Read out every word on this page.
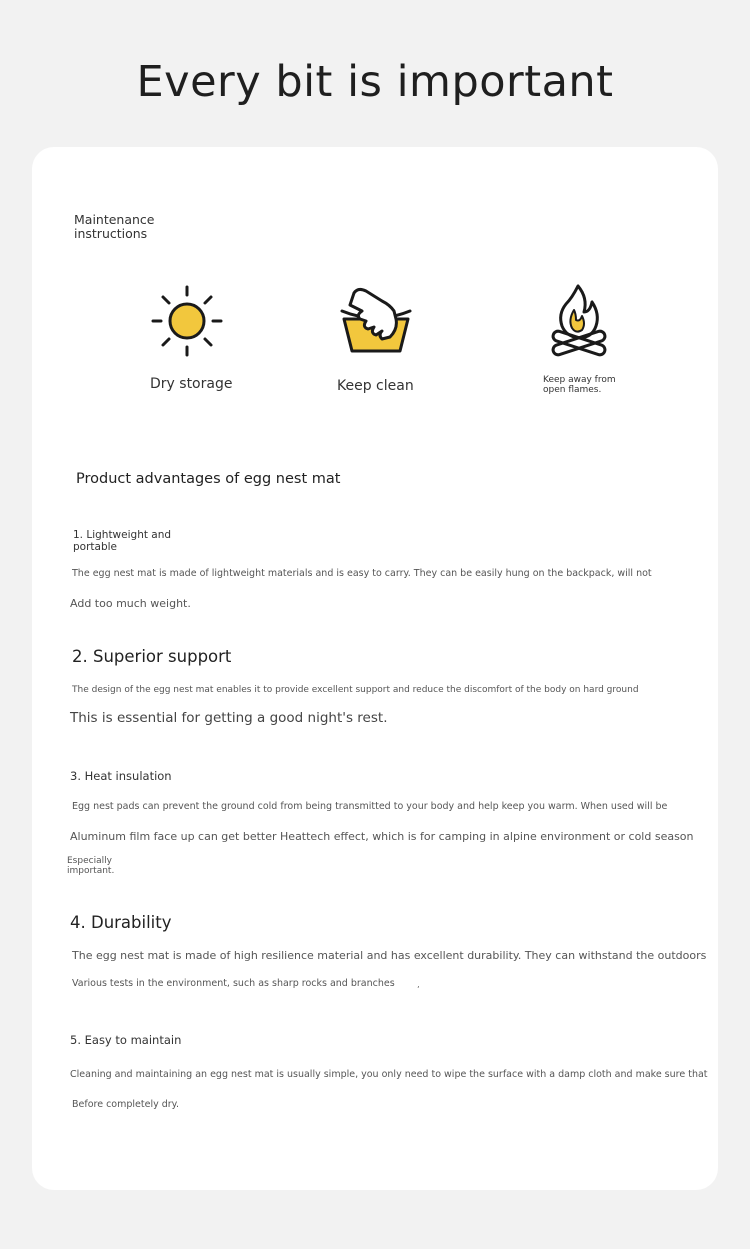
Every bit is important
Maintenance instructions
Dry storage	Keep clean	Keep away from open flames.
Product advantages of egg nest mat
1. Lightweight and portable
The egg nest mat is made of lightweight materials and is easy to carry. They can be easily hung on the backpack, will not
Add too much weight.
2. Superior support
The design of the egg nest mat enables it to provide excellent support and reduce the discomfort of the body on hard ground
This is essential for getting a good night's rest.
3. Heat insulation
Egg nest pads can prevent the ground cold from being transmitted to your body and help keep you warm. When used will be
Aluminum film face up can get better Heattech effect, which is for camping in alpine environment or cold season
Especially important.
4. Durability
The egg nest mat is made of high resilience material and has excellent durability. They can withstand the outdoors
Various tests in the environment, such as sharp rocks and branches
ʼ
5. Easy to maintain
Cleaning and maintaining an egg nest mat is usually simple, you only need to wipe the surface with a damp cloth and make sure that
Before completely dry.
